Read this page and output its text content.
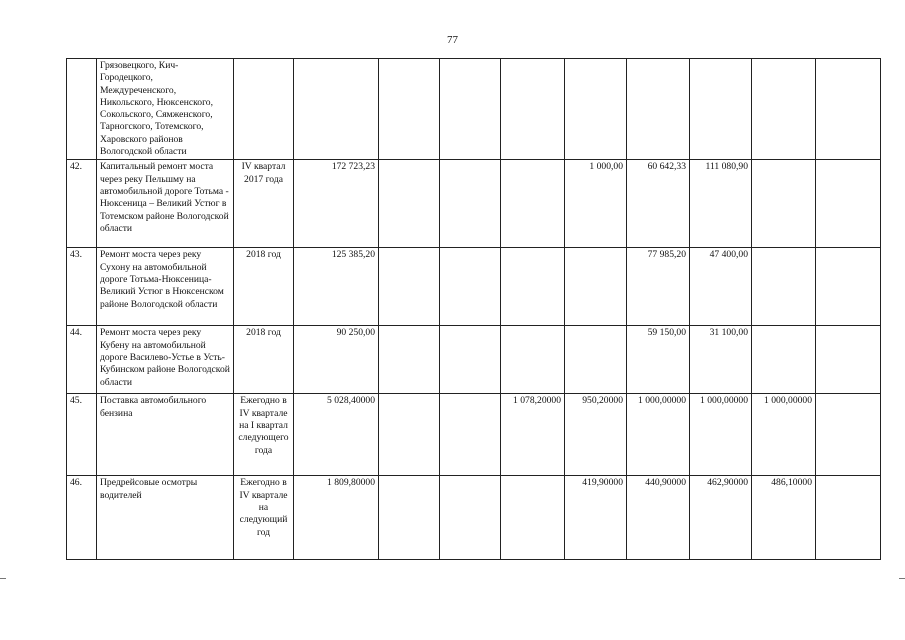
77
	Грязовецкого, Кич-Городецкого, Междуреченского, Никольского, Нюксенского, Сокольского, Сямженского, Тарногского, Тотемского, Харовского районов Вологодской области										
42.	Капитальный ремонт моста через реку Пельшму на автомобильной дороге Тотьма - Нюксеница – Великий Устюг в Тотемском районе Вологодской области	IV квартал 2017 года	172 723,23				1 000,00	60 642,33	111 080,90		
43.	Ремонт моста через реку Сухону на автомобильной дороге Тотьма-Нюксеница-Великий Устюг в Нюксенском районе Вологодской области	2018 год	125 385,20					77 985,20	47 400,00		
44.	Ремонт моста через реку Кубену на автомобильной дороге Василево-Устье в Усть-Кубинском районе Вологодской области	2018 год	90 250,00					59 150,00	31 100,00		
45.	Поставка автомобильного бензина	Ежегодно в IV квартале на I квартал следующего года	5 028,40000			1 078,20000	950,20000	1 000,00000	1 000,00000	1 000,00000	
46.	Предрейсовые осмотры водителей	Ежегодно в IV квартале на следующий год	1 809,80000				419,90000	440,90000	462,90000	486,10000	
